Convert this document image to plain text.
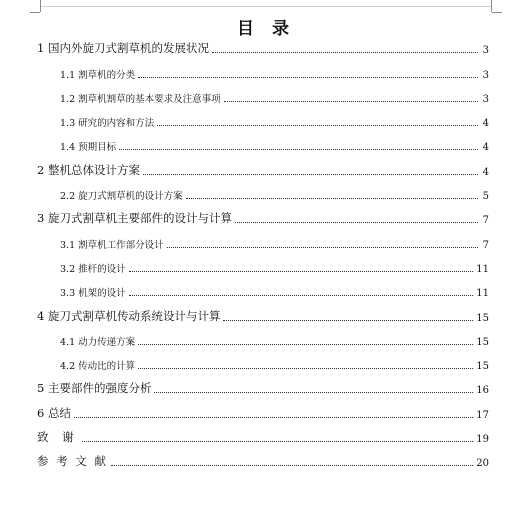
目 录
1 国内外旋刀式割草机的发展状况	3
1.1 割草机的分类	3
1.2 割草机割草的基本要求及注意事项	3
1.3 研究的内容和方法	4
1.4 预期目标	4
2 整机总体设计方案	4
2.2 旋刀式割草机的设计方案	5
3 旋刀式割草机主要部件的设计与计算	7
3.1 割草机工作部分设计	7
3.2 推杆的设计	11
3.3 机架的设计	11
4 旋刀式割草机传动系统设计与计算	15
4.1 动力传递方案	15
4.2 传动比的计算	15
5 主要部件的强度分析	16
6 总结	17
致 谢	19
参 考 文 献	20
